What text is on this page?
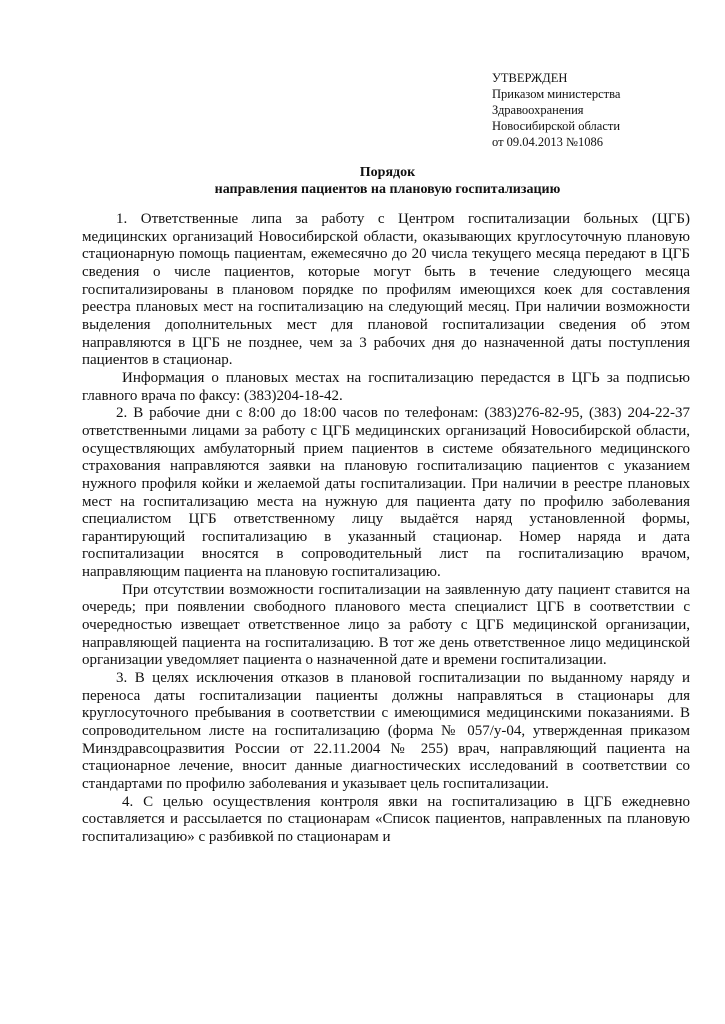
УТВЕРЖДЕН
Приказом министерства
Здравоохранения
Новосибирской области
от 09.04.2013 №1086
Порядок
направления пациентов на плановую госпитализацию

1. Ответственные липа за работу с Центром госпитализации больных (ЦГБ) медицинских организаций Новосибирской области, оказывающих круглосуточную плановую стационарную помощь пациентам, ежемесячно до 20 числа текущего месяца передают в ЦГБ сведения о числе пациентов, которые могут быть в течение следующего месяца госпитализированы в плановом порядке по профилям имеющихся коек для составления реестра плановых мест на госпитализацию на следующий месяц. При наличии возможности выделения дополнительных мест для плановой госпитализации сведения об этом направляются в ЦГБ не позднее, чем за 3 рабочих дня до назначенной даты поступления пациентов в стационар.

Информация о плановых местах на госпитализацию передастся в ЦГЬ за подписью главного врача по факсу: (383)204-18-42.

2. В рабочие дни с 8:00 до 18:00 часов по телефонам: (383)276-82-95, (383) 204-22-37 ответственными лицами за работу с ЦГБ медицинских организаций Новосибирской области, осуществляющих амбулаторный прием пациентов в системе обязательного медицинского страхования направляются заявки на плановую госпитализацию пациентов с указанием нужного профиля койки и желаемой даты госпитализации. При наличии в реестре плановых мест на госпитализацию места на нужную для пациента дату по профилю заболевания специалистом ЦГБ ответственному лицу выдаётся наряд установленной формы, гарантирующий госпитализацию в указанный стационар. Номер наряда и дата госпитализации вносятся в сопроводительный лист па госпитализацию врачом, направляющим пациента на плановую госпитализацию.

При отсутствии возможности госпитализации на заявленную дату пациент ставится на очередь; при появлении свободного планового места специалист ЦГБ в соответствии с очередностью извещает ответственное лицо за работу с ЦГБ медицинской организации, направляющей пациента на госпитализацию. В тот же день ответственное лицо медицинской организации уведомляет пациента о назначенной дате и времени госпитализации.

3. В целях исключения отказов в плановой госпитализации по выданному наряду и переноса даты госпитализации пациенты должны направляться в стационары для круглосуточного пребывания в соответствии с имеющимися медицинскими показаниями. В сопроводительном листе на госпитализацию (форма № 057/у-04, утвержденная приказом Минздравсоцразвития России от 22.11.2004 № 255) врач, направляющий пациента на стационарное лечение, вносит данные диагностических исследований в соответствии со стандартами по профилю заболевания и указывает цель госпитализации.

4. С целью осуществления контроля явки на госпитализацию в ЦГБ ежедневно составляется и рассылается по стационарам «Список пациентов, направленных па плановую госпитализацию» с разбивкой по стационарам и
